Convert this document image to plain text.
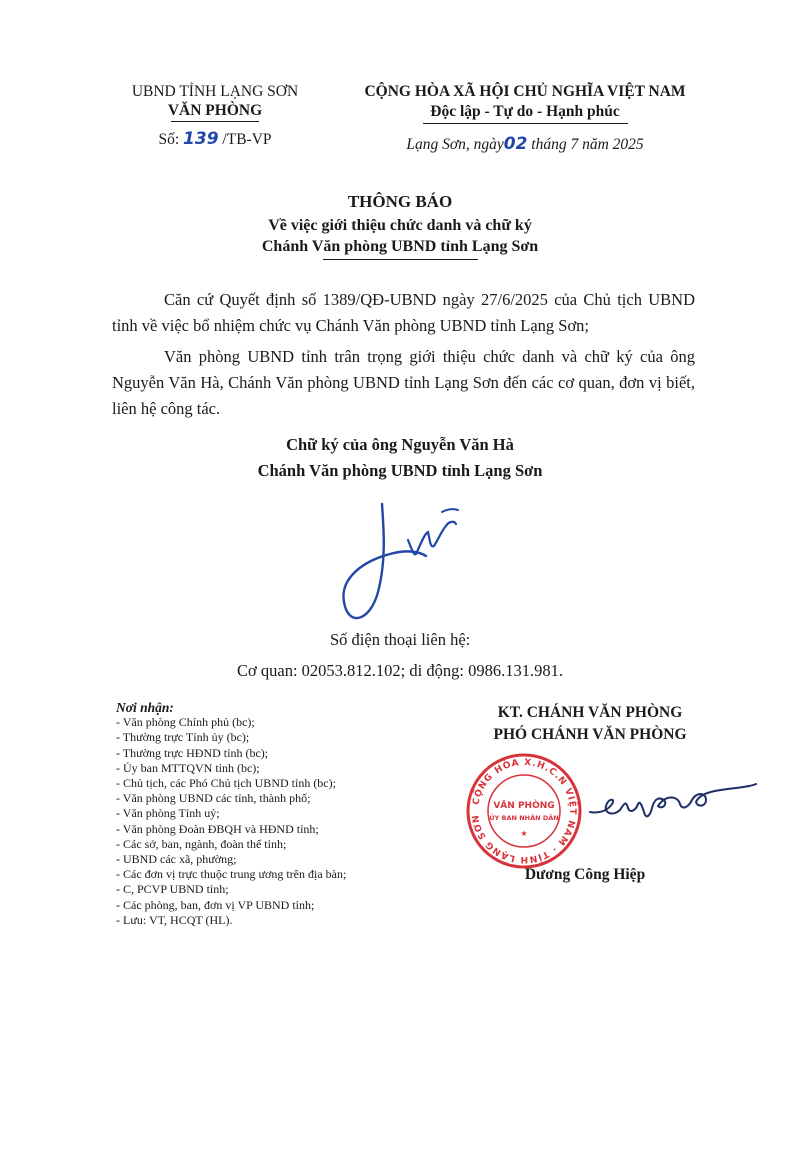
UBND TỈNH LẠNG SƠN
VĂN PHÒNG
Số: 139 /TB-VP
CỘNG HÒA XÃ HỘI CHỦ NGHĨA VIỆT NAM
Độc lập - Tự do - Hạnh phúc
Lạng Sơn, ngày02 tháng 7 năm 2025
THÔNG BÁO
Về việc giới thiệu chức danh và chữ ký
Chánh Văn phòng UBND tỉnh Lạng Sơn
Căn cứ Quyết định số 1389/QĐ-UBND ngày 27/6/2025 của Chủ tịch UBND tỉnh về việc bổ nhiệm chức vụ Chánh Văn phòng UBND tỉnh Lạng Sơn;
Văn phòng UBND tỉnh trân trọng giới thiệu chức danh và chữ ký của ông Nguyễn Văn Hà, Chánh Văn phòng UBND tỉnh Lạng Sơn đến các cơ quan, đơn vị biết, liên hệ công tác.
Chữ ký của ông Nguyễn Văn Hà
Chánh Văn phòng UBND tỉnh Lạng Sơn
Số điện thoại liên hệ:
Cơ quan: 02053.812.102; di động: 0986.131.981.
Nơi nhận:
- Văn phòng Chính phủ (bc);
- Thường trực Tỉnh ủy (bc);
- Thường trực HĐND tỉnh (bc);
- Ủy ban MTTQVN tỉnh (bc);
- Chủ tịch, các Phó Chủ tịch UBND tỉnh (bc);
- Văn phòng UBND các tỉnh, thành phố;
- Văn phòng Tỉnh uỷ;
- Văn phòng Đoàn ĐBQH và HĐND tỉnh;
- Các sở, ban, ngành, đoàn thể tỉnh;
- UBND các xã, phường;
- Các đơn vị trực thuộc trung ương trên địa bàn;
- C, PCVP UBND tỉnh;
- Các phòng, ban, đơn vị VP UBND tỉnh;
- Lưu: VT, HCQT (HL).
KT. CHÁNH VĂN PHÒNG
PHÓ CHÁNH VĂN PHÒNG
CỘNG HÒA X.H.C.N VIỆT NAM · TỈNH LẠNG SƠN
VĂN PHÒNG
ỦY BAN NHÂN DÂN
★
Dương Công Hiệp
